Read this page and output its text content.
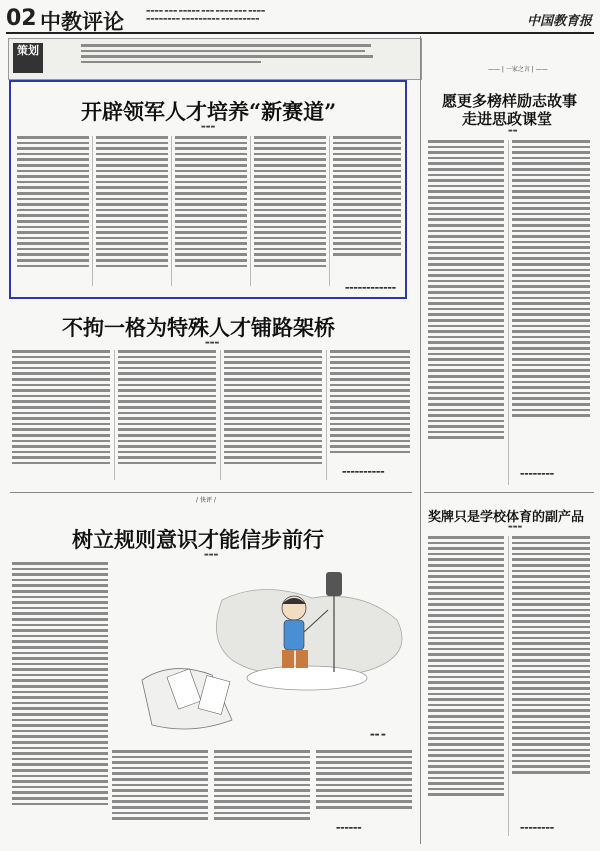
02 中教评论	▬▬▬▬ ▬▬▬ ▬▬▬▬▬ ▬▬▬ ▬▬▬▬ ▬▬▬ ▬▬▬▬
▬▬▬▬▬▬▬▬ ▬▬▬▬▬▬▬▬▬ ▬▬▬▬▬▬▬▬▬	中国教育报
策划
开辟领军人才培养“新赛道”
▬▬▬
▬▬▬▬▬▬▬▬▬▬▬▬
不拘一格为特殊人才铺路架桥
▬▬▬
▬▬▬▬▬▬▬▬▬▬
/ 快评 /
树立规则意识才能信步前行
▬▬▬
▬▬ ▬
▬▬▬▬▬▬
—— | 一家之言 | ——
愿更多榜样励志故事
走进思政课堂
▬▬
▬▬▬▬▬▬▬▬
奖牌只是学校体育的副产品
▬▬▬
▬▬▬▬▬▬▬▬
